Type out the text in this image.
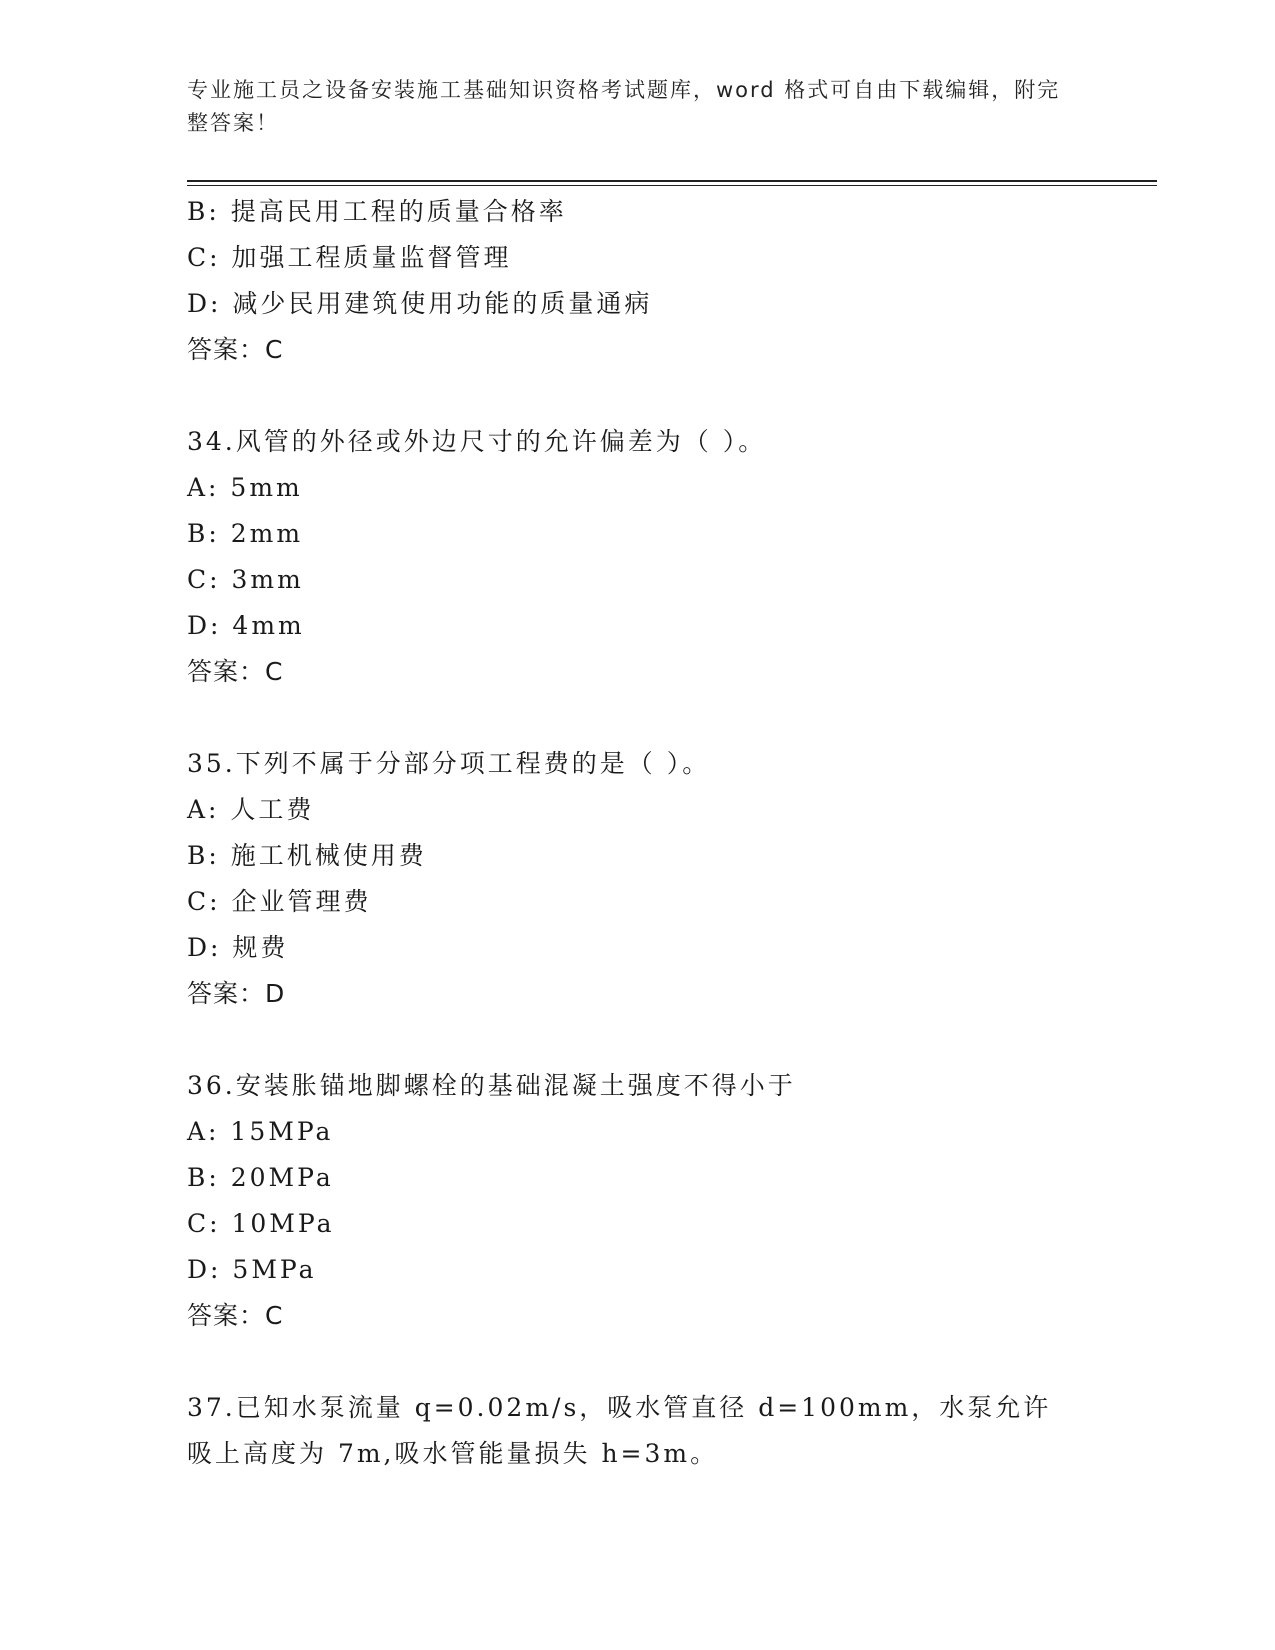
专业施工员之设备安装施工基础知识资格考试题库，word 格式可自由下载编辑，附完整答案！
B: 提高民用工程的质量合格率
C: 加强工程质量监督管理
D: 减少民用建筑使用功能的质量通病
答案：C
34.风管的外径或外边尺寸的允许偏差为（ ）。
A: 5mm
B: 2mm
C: 3mm
D: 4mm
答案：C
35.下列不属于分部分项工程费的是（ ）。
A: 人工费
B: 施工机械使用费
C: 企业管理费
D: 规费
答案：D
36.安装胀锚地脚螺栓的基础混凝土强度不得小于
A: 15MPa
B: 20MPa
C: 10MPa
D: 5MPa
答案：C
37.已知水泵流量 q=0.02m/s，吸水管直径 d=100mm，水泵允许吸上高度为 7m,吸水管能量损失 h=3m。
